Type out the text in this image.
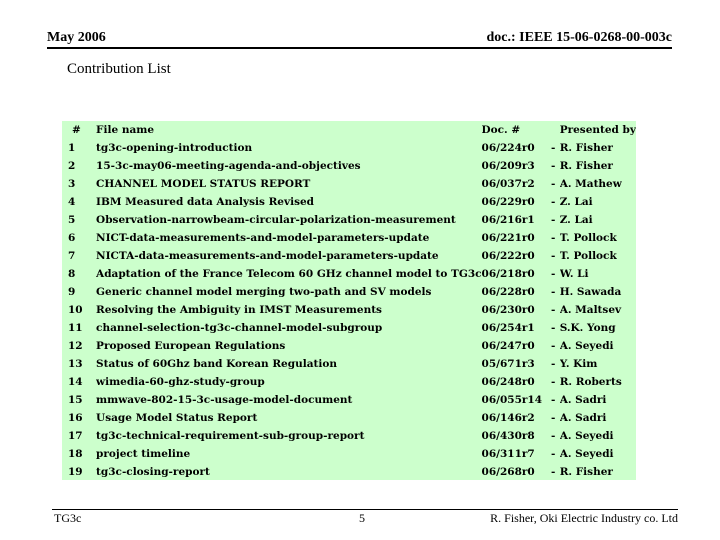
May 2006	doc.: IEEE 15-06-0268-00-003c
Contribution List
#	File name	Doc. #		Presented by
1	tg3c-opening-introduction	06/224r0	-	R. Fisher
2	15-3c-may06-meeting-agenda-and-objectives	06/209r3	-	R. Fisher
3	CHANNEL MODEL STATUS REPORT	06/037r2	-	A. Mathew
4	IBM Measured data Analysis Revised	06/229r0	-	Z. Lai
5	Observation-narrowbeam-circular-polarization-measurement	06/216r1	-	Z. Lai
6	NICT-data-measurements-and-model-parameters-update	06/221r0	-	T. Pollock
7	NICTA-data-measurements-and-model-parameters-update	06/222r0	-	T. Pollock
8	Adaptation of the France Telecom 60 GHz channel model to TG3c	06/218r0	-	W. Li
9	Generic channel model merging two-path and SV models	06/228r0	-	H. Sawada
10	Resolving the Ambiguity in IMST Measurements	06/230r0	-	A. Maltsev
11	channel-selection-tg3c-channel-model-subgroup	06/254r1	-	S.K. Yong
12	Proposed European Regulations	06/247r0	-	A. Seyedi
13	Status of 60Ghz band Korean Regulation	05/671r3	-	Y. Kim
14	wimedia-60-ghz-study-group	06/248r0	-	R. Roberts
15	mmwave-802-15-3c-usage-model-document	06/055r14	-	A. Sadri
16	Usage Model Status Report	06/146r2	-	A. Sadri
17	tg3c-technical-requirement-sub-group-report	06/430r8	-	A. Seyedi
18	project timeline	06/311r7	-	A. Seyedi
19	tg3c-closing-report	06/268r0	-	R. Fisher
TG3c	5	R. Fisher, Oki Electric Industry co. Ltd
